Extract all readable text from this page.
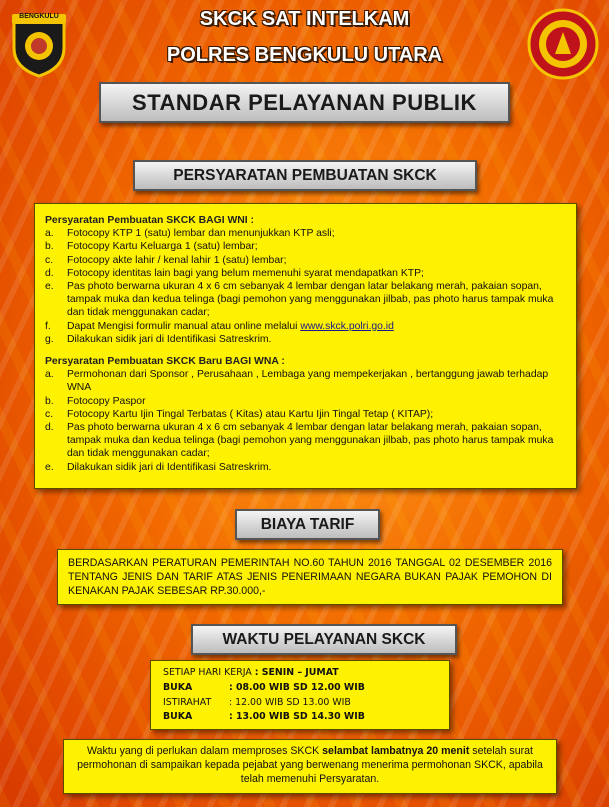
BENGKULU	SKCK SAT INTELKAM
POLRES BENGKULU UTARA
STANDAR PELAYANAN PUBLIK
PERSYARATAN PEMBUATAN SKCK
Persyaratan Pembuatan SKCK BAGI WNI :
a.	Fotocopy KTP 1 (satu) lembar dan menunjukkan KTP asli;
b.	Fotocopy Kartu Keluarga 1 (satu) lembar;
c.	Fotocopy akte lahir / kenal lahir 1 (satu) lembar;
d.	Fotocopy identitas lain bagi yang belum memenuhi syarat mendapatkan KTP;
e.	Pas photo berwarna ukuran 4 x 6 cm sebanyak 4 lembar dengan latar belakang merah, pakaian sopan, tampak muka dan kedua telinga (bagi pemohon yang menggunakan jilbab, pas photo harus tampak muka dan tidak menggunakan cadar;
f.	Dapat Mengisi formulir manual atau online melalui www.skck.polri.go.id
g.	Dilakukan sidik jari di Identifikasi Satreskrim.
Persyaratan Pembuatan SKCK Baru BAGI WNA :
a.	Permohonan dari Sponsor , Perusahaan , Lembaga yang mempekerjakan , bertanggung jawab terhadap WNA
b.	Fotocopy Paspor
c.	Fotocopy Kartu Ijin Tingal Terbatas ( Kitas) atau Kartu Ijin Tingal Tetap ( KITAP);
d.	Pas photo berwarna ukuran 4 x 6 cm sebanyak 4 lembar dengan latar belakang merah, pakaian sopan, tampak muka dan kedua telinga (bagi pemohon yang menggunakan jilbab, pas photo harus tampak muka dan tidak menggunakan cadar;
e.	Dilakukan sidik jari di Identifikasi Satreskrim.
BIAYA TARIF
BERDASARKAN PERATURAN PEMERINTAH NO.60 TAHUN 2016 TANGGAL 02 DESEMBER 2016 TENTANG JENIS DAN TARIF ATAS JENIS PENERIMAAN NEGARA BUKAN PAJAK PEMOHON DI KENAKAN PAJAK SEBESAR RP.30.000,-
WAKTU PELAYANAN SKCK
SETIAP HARI KERJA : SENIN – JUMAT
BUKA	: 08.00 WIB SD 12.00 WIB
ISTIRAHAT	: 12.00 WIB SD 13.00 WIB
BUKA	: 13.00 WIB SD 14.30 WIB
Waktu yang di perlukan dalam memproses SKCK selambat lambatnya 20 menit setelah surat permohonan di sampaikan kepada pejabat yang berwenang menerima permohonan SKCK, apabila telah memenuhi Persyaratan.
